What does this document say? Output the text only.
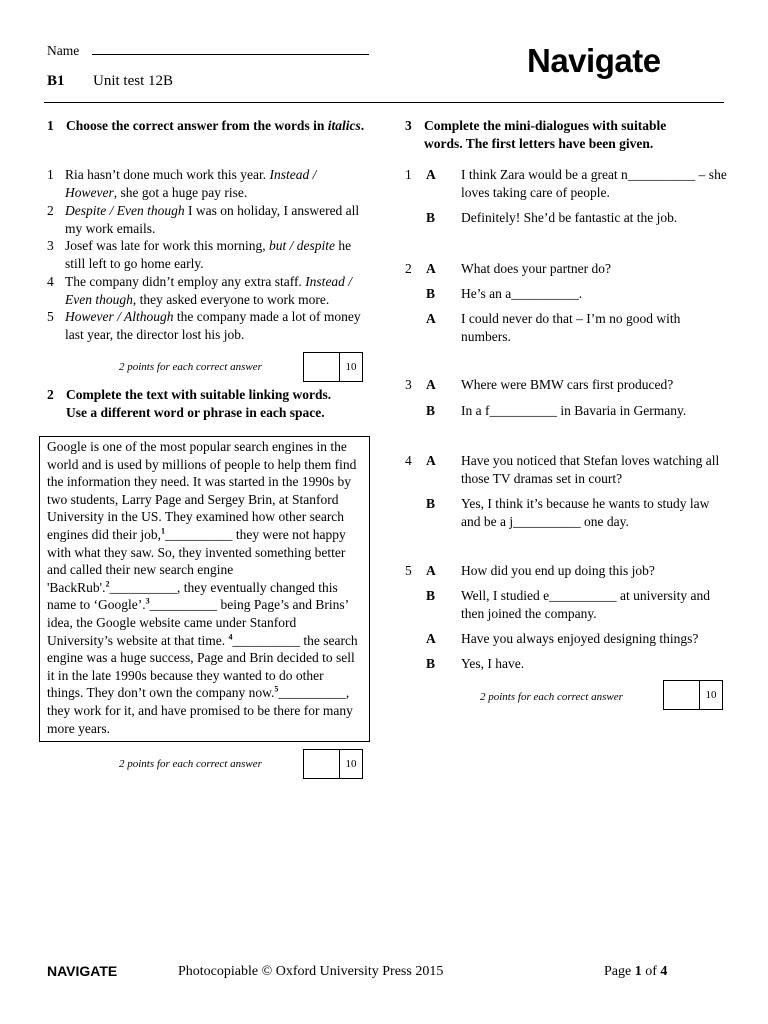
Name
B1 Unit test 12B
Navigate
1 Choose the correct answer from the words in italics.
1 Ria hasn’t done much work this year. Instead / However, she got a huge pay rise.
2 Despite / Even though I was on holiday, I answered all my work emails.
3 Josef was late for work this morning, but / despite he still left to go home early.
4 The company didn’t employ any extra staff. Instead / Even though, they asked everyone to work more.
5 However / Although the company made a lot of money last year, the director lost his job.
2 points for each correct answer	10
2 Complete the text with suitable linking words.
Use a different word or phrase in each space.
Google is one of the most popular search engines in the world and is used by millions of people to help them find the information they need. It was started in the 1990s by two students, Larry Page and Sergey Brin, at Stanford University in the US. They examined how other search engines did their job,$^1$__________ they were not happy with what they saw. So, they invented something better and called their new search engine 'BackRub'.$^2$__________, they eventually changed this name to ‘Google’.$^3$__________ being Page’s and Brins’ idea, the Google website came under Stanford University’s website at that time. $^4$__________ the search engine was a huge success, Page and Brin decided to sell it in the late 1990s because they wanted to do other things. They don’t own the company now.$^5$__________, they work for it, and have promised to be there for many more years.
2 points for each correct answer	10
3 Complete the mini-dialogues with suitable
words. The first letters have been given.
1 A I think Zara would be a great n__________ – she loves taking care of people.
B Definitely! She’d be fantastic at the job.
2 A What does your partner do?
B He’s an a__________.
A I could never do that – I’m no good with numbers.
3 A Where were BMW cars first produced?
B In a f__________ in Bavaria in Germany.
4 A Have you noticed that Stefan loves watching all those TV dramas set in court?
B Yes, I think it’s because he wants to study law and be a j__________ one day.
5 A How did you end up doing this job?
B Well, I studied e__________ at university and then joined the company.
A Have you always enjoyed designing things?
B Yes, I have.
2 points for each correct answer	10
NAVIGATE	Photocopiable © Oxford University Press 2015	Page 1 of 4
